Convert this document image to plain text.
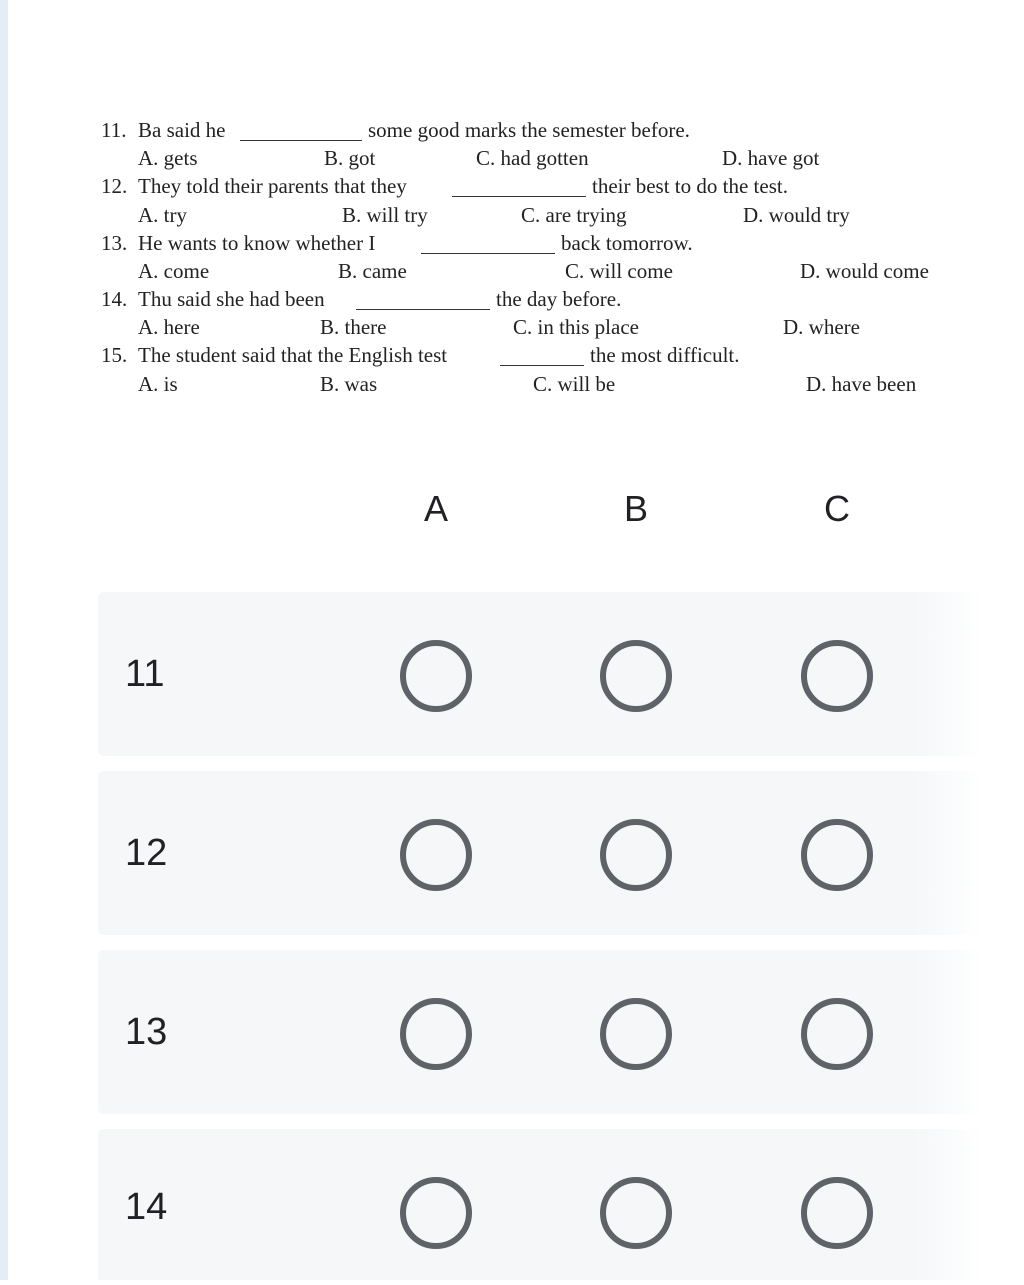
11. Ba said he	some good marks the semester before.
A. gets	B. got	C. had gotten	D. have got
12. They told their parents that they	their best to do the test.
A. try	B. will try	C. are trying	D. would try
13. He wants to know whether I	back tomorrow.
A. come	B. came	C. will come	D. would come
14. Thu said she had been	the day before.
A. here	B. there	C. in this place	D. where
15. The student said that the English test	the most difficult.
A. is	B. was	C. will be	D. have been
A	B	C
11
12
13
14
